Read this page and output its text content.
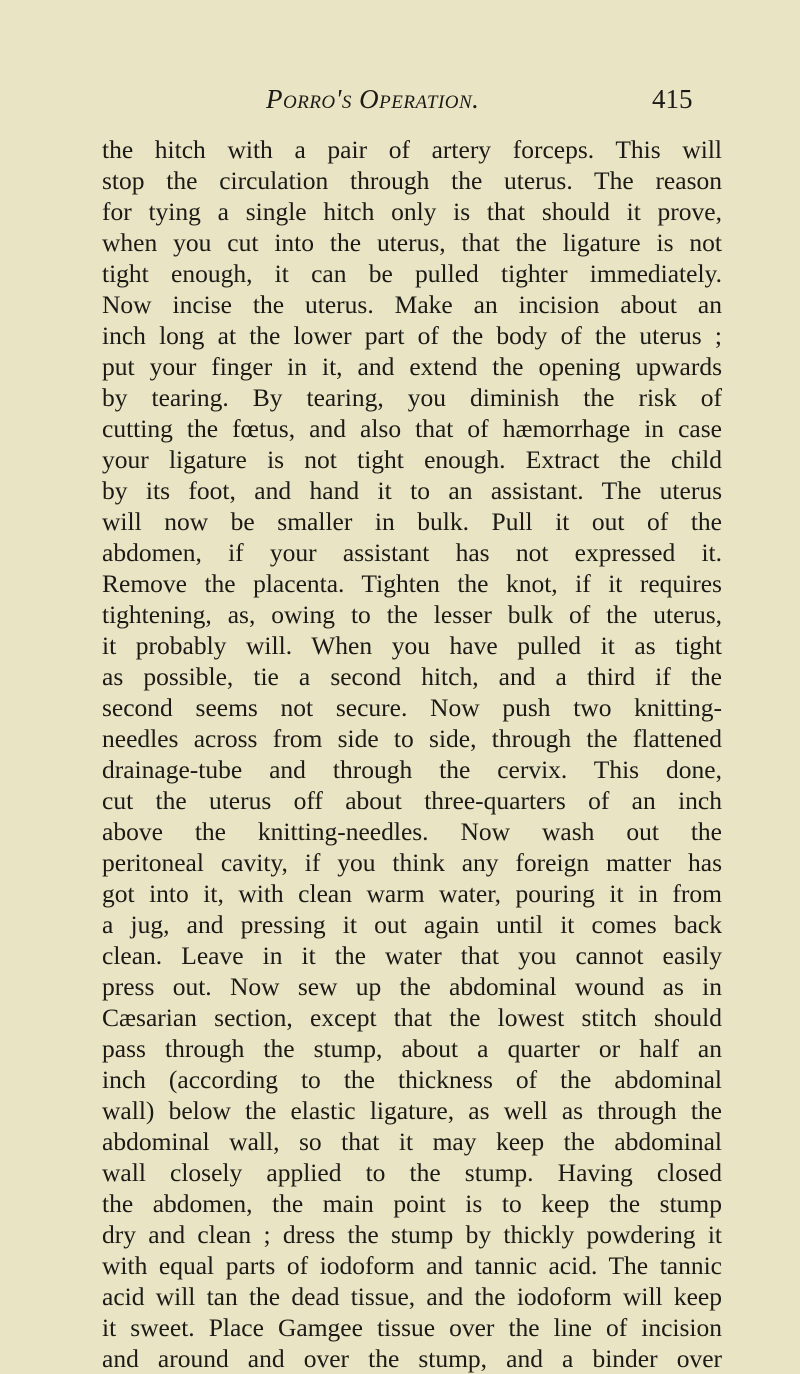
Porro's Operation.	415
the hitch with a pair of artery forceps. This will
stop the circulation through the uterus. The reason
for tying a single hitch only is that should it prove,
when you cut into the uterus, that the ligature is not
tight enough, it can be pulled tighter immediately.
Now incise the uterus. Make an incision about an
inch long at the lower part of the body of the uterus ;
put your finger in it, and extend the opening upwards
by tearing. By tearing, you diminish the risk of
cutting the fœtus, and also that of hæmorrhage in case
your ligature is not tight enough. Extract the child
by its foot, and hand it to an assistant. The uterus
will now be smaller in bulk. Pull it out of the
abdomen, if your assistant has not expressed it.
Remove the placenta. Tighten the knot, if it requires
tightening, as, owing to the lesser bulk of the uterus,
it probably will. When you have pulled it as tight
as possible, tie a second hitch, and a third if the
second seems not secure. Now push two knitting-
needles across from side to side, through the flattened
drainage-tube and through the cervix. This done,
cut the uterus off about three-quarters of an inch
above the knitting-needles. Now wash out the
peritoneal cavity, if you think any foreign matter has
got into it, with clean warm water, pouring it in from
a jug, and pressing it out again until it comes back
clean. Leave in it the water that you cannot easily
press out. Now sew up the abdominal wound as in
Cæsarian section, except that the lowest stitch should
pass through the stump, about a quarter or half an
inch (according to the thickness of the abdominal
wall) below the elastic ligature, as well as through the
abdominal wall, so that it may keep the abdominal
wall closely applied to the stump. Having closed
the abdomen, the main point is to keep the stump
dry and clean ; dress the stump by thickly powdering it
with equal parts of iodoform and tannic acid. The tannic
acid will tan the dead tissue, and the iodoform will keep
it sweet. Place Gamgee tissue over the line of incision
and around and over the stump, and a binder over
